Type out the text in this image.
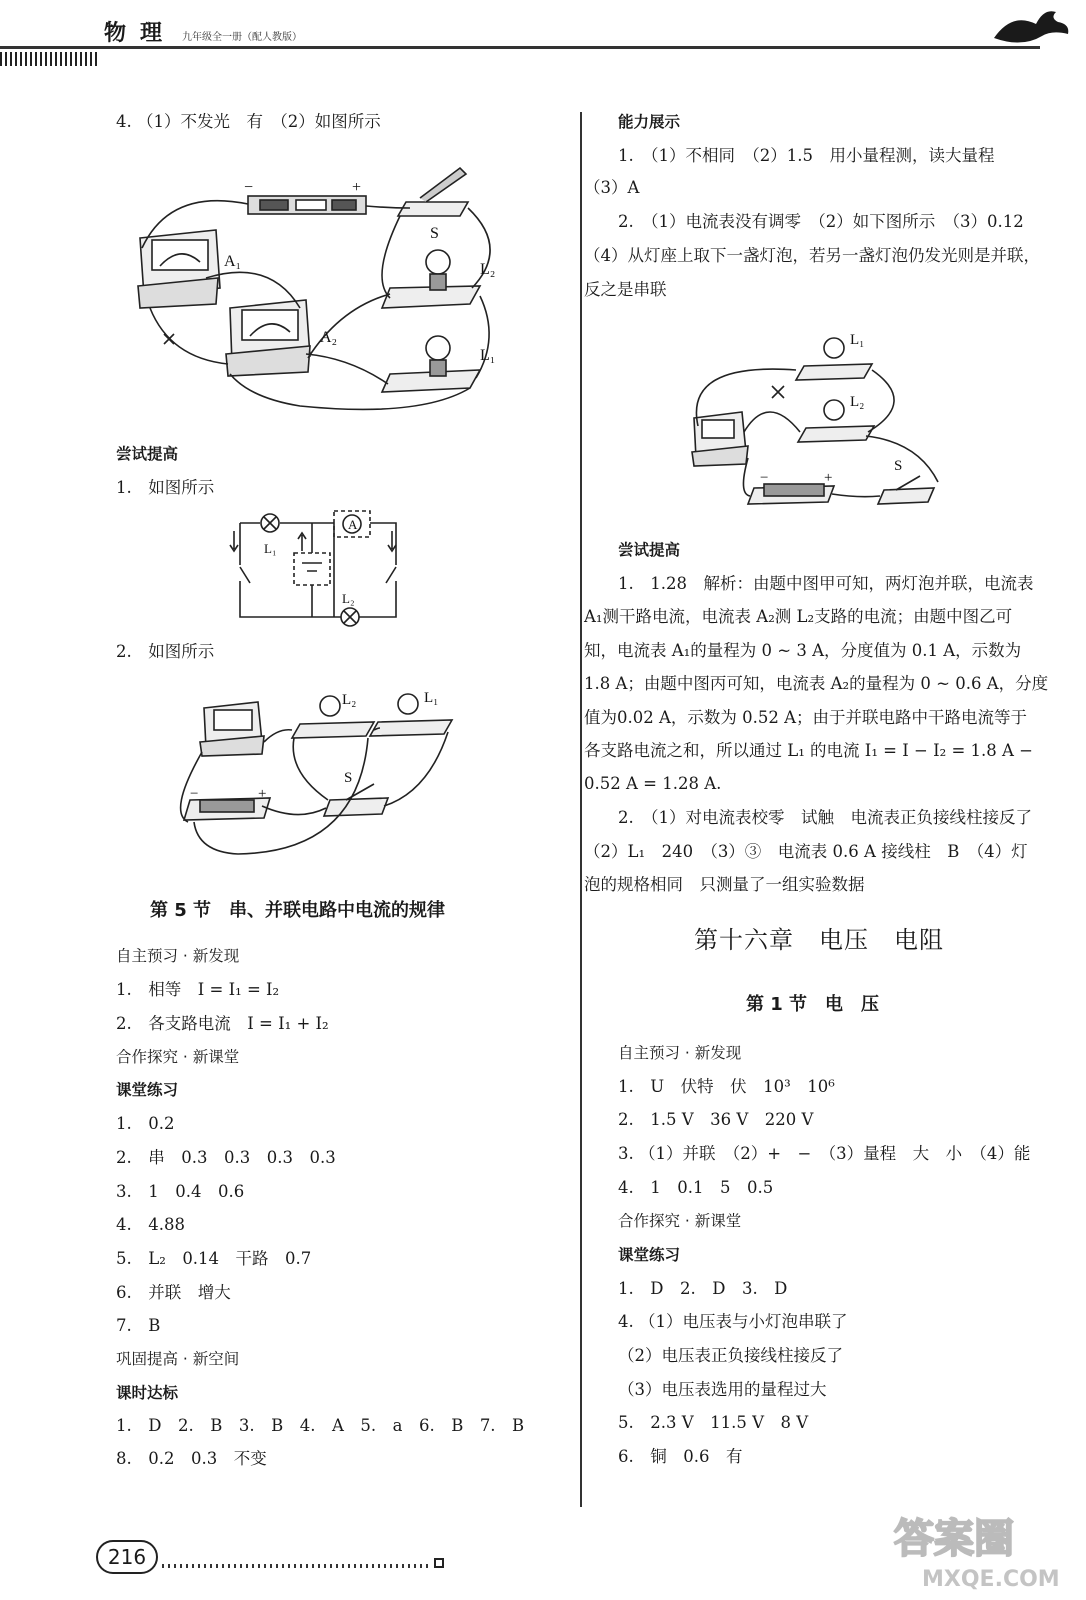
物理 九年级全一册（配人教版）
4. （1）不发光　有　（2）如图所示
−	+
S
A₁
A₂
L₂
L₁
尝试提高
1.　如图所示
A
L₁
L₂
2.　如图所示
L₂	L₁
S
−	+
第 5 节　串、并联电路中电流的规律
自主预习 · 新发现
1.　相等　I = I₁ = I₂
2.　各支路电流　I = I₁ + I₂
合作探究 · 新课堂
课堂练习
1.　0.2
2.　串　0.3　0.3　0.3　0.3
3.　1　0.4　0.6
4.　4.88
5.　L₂　0.14　干路　0.7
6.　并联　增大
7.　B
巩固提高 · 新空间
课时达标
1.　D　2.　B　3.　B　4.　A　5.　a　6.　B　7.　B
8.　0.2　0.3　不变
能力展示
1.　（1）不相同　（2）1.5　用小量程测，读大量程
（3）A
2.　（1）电流表没有调零　（2）如下图所示　（3）0.12
（4）从灯座上取下一盏灯泡，若另一盏灯泡仍发光则是并联，
反之是串联
L₁
L₂
S
−	+
尝试提高
1.　1.28　解析：由题中图甲可知，两灯泡并联，电流表
A₁测干路电流，电流表 A₂测 L₂支路的电流；由题中图乙可
知，电流表 A₁的量程为 0 ~ 3 A，分度值为 0.1 A，示数为
1.8 A；由题中图丙可知，电流表 A₂的量程为 0 ~ 0.6 A，分度
值为0.02 A，示数为 0.52 A；由于并联电路中干路电流等于
各支路电流之和，所以通过 L₁ 的电流 I₁ = I − I₂ = 1.8 A −
0.52 A = 1.28 A.
2.　（1）对电流表校零　试触　电流表正负接线柱接反了
（2）L₁　240　（3）③　电流表 0.6 A 接线柱　B　（4）灯
泡的规格相同　只测量了一组实验数据
第十六章　电压　电阻
第 1 节　电　压
自主预习 · 新发现
1.　U　伏特　伏　10³　10⁶
2.　1.5 V　36 V　220 V
3. （1）并联　（2）+　−　（3）量程　大　小　（4）能
4.　1　0.1　5　0.5
合作探究 · 新课堂
课堂练习
1.　D　2.　D　3.　D
4. （1）电压表与小灯泡串联了
（2）电压表正负接线柱接反了
（3）电压表选用的量程过大
5.　2.3 V　11.5 V　8 V
6.　铜　0.6　有
216	答案圈
MXQE.COM
